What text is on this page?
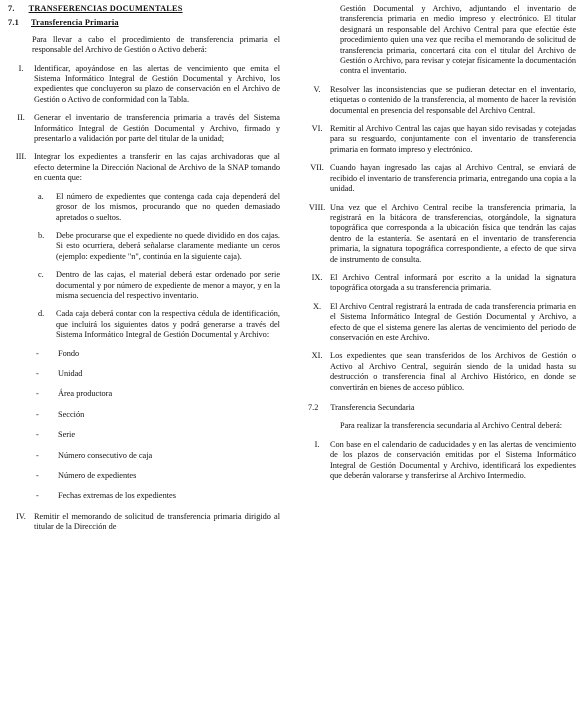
7. TRANSFERENCIAS DOCUMENTALES
7.1 Transferencia Primaria

Para llevar a cabo el procedimiento de transferencia primaria el responsable del Archivo de Gestión o Activo deberá:

I.	Identificar, apoyándose en las alertas de vencimiento que emita el Sistema Informático Integral de Gestión Documental y Archivo, los expedientes que concluyeron su plazo de conservación en el Archivo de Gestión o Activo de conformidad con la Tabla.
II.	Generar el inventario de transferencia primaria a través del Sistema Informático Integral de Gestión Documental y Archivo, firmado y presentarlo a validación por parte del titular de la unidad;
III. Integrar los expedientes a transferir en las cajas archivadoras que al efecto determine la Dirección Nacional de Archivo de la SNAP tomando en cuenta que:
a.	El número de expedientes que contenga cada caja dependerá del grosor de los mismos, procurando que no queden demasiado apretados o sueltos.
b.	Debe procurarse que el expediente no quede dividido en dos cajas. Si esto ocurriera, deberá señalarse claramente mediante un ceros (ejemplo: expediente "n", continúa en la siguiente caja).
c.	Dentro de las cajas, el material deberá estar ordenado por serie documental y por número de expediente de menor a mayor, y en la misma secuencia del respectivo inventario.
d.	Cada caja deberá contar con la respectiva cédula de identificación, que incluirá los siguientes datos y podrá generarse a través del Sistema Informático Integral de Gestión Documental y Archivo:
-	Fondo
-	Unidad
-	Área productora
-	Sección
-	Serie
-	Número consecutivo de caja
-	Número de expedientes
-	Fechas extremas de los expedientes
IV. Remitir el memorando de solicitud de transferencia primaria dirigido al titular de la Dirección de

Gestión Documental y Archivo, adjuntando el inventario de transferencia primaria en medio impreso y electrónico. El titular designará un responsable del Archivo Central para que efectúe éste procedimiento quien una vez que reciba el memorando de solicitud de transferencia primaria, concertará cita con el titular del Archivo de Gestión o Archivo, para revisar y cotejar físicamente la documentación contra el inventario.

V.	Resolver las inconsistencias que se pudieran detectar en el inventario, etiquetas o contenido de la transferencia, al momento de hacer la revisión documental en presencia del responsable del Archivo Central.
VI. Remitir al Archivo Central las cajas que hayan sido revisadas y cotejadas para su resguardo, conjuntamente con el inventario de transferencia primaria en formato impreso y electrónico.
VII. Cuando hayan ingresado las cajas al Archivo Central, se enviará de recibido el inventario de transferencia primaria, entregando una copia a la unidad.
VIII. Una vez que el Archivo Central recibe la transferencia primaria, la registrará en la bitácora de transferencias, otorgándole, la signatura topográfica que corresponda a la ubicación física que tendrán las cajas dentro de la estantería. Se asentará en el inventario de transferencia primaria, la signatura topográfica correspondiente, a efecto de que sirva de instrumento de consulta.
IX. El Archivo Central informará por escrito a la unidad la signatura topográfica otorgada a su transferencia primaria.
X.	El Archivo Central registrará la entrada de cada transferencia primaria en el Sistema Informático Integral de Gestión Documental y Archivo, a efecto de que el sistema genere las alertas de vencimiento del periodo de conservación en este Archivo.
XI. Los expedientes que sean transferidos de los Archivos de Gestión o Activo al Archivo Central, seguirán siendo de la unidad hasta su destrucción o transferencia final al Archivo Histórico, en donde se convertirán en bienes de acceso público.
7.2 Transferencia Secundaria

Para realizar la transferencia secundaria al Archivo Central deberá:

I.	Con base en el calendario de caducidades y en las alertas de vencimiento de los plazos de conservación emitidas por el Sistema Informático Integral de Gestión Documental y Archivo, identificará los expedientes que deberán valorarse y transferirse al Archivo Intermedio.
